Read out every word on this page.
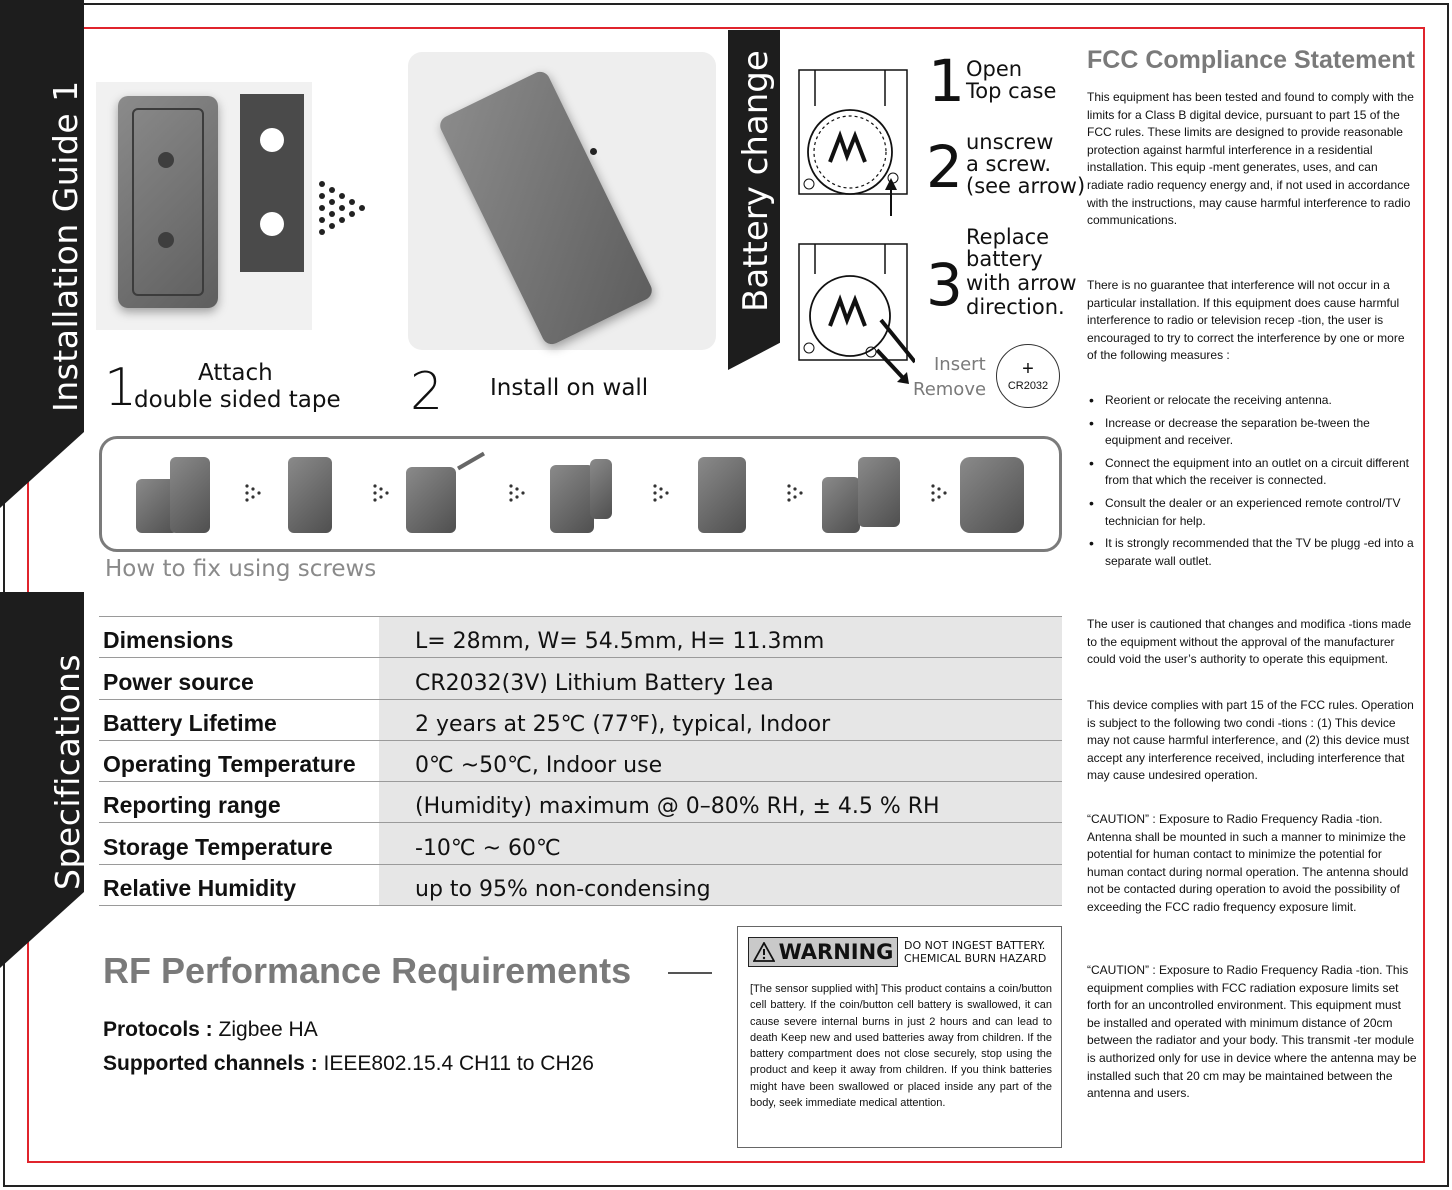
Installation Guide 1
Specifications
1	Attach
double sided tape 2 Install on wall
How to fix using screws
Battery change	1 Open
Top case
2 unscrew
a screw.
(see arrow)
3
Replace
battery
with arrow
direction.
Insert
Remove
+
CR2032
FCC Compliance Statement
This equipment has been tested and found to comply with the limits for a Class B digital device, pursuant to part 15 of the FCC rules. These limits are designed to provide reasonable protection against harmful interference in a residential installation. This equip -ment generates, uses, and can radiate radio requency energy and, if not used in accordance with the instructions, may cause harmful interference to radio communications.
There is no guarantee that interference will not occur in a particular installation. If this equipment does cause harmful interference to radio or television recep -tion, the user is encouraged to try to correct the interference by one or more of the following measures :
• Reorient or relocate the receiving antenna.
• Increase or decrease the separation be-tween the equipment and receiver.
• Connect the equipment into an outlet on a circuit different from that which the receiver is connected.
• Consult the dealer or an experienced remote control/TV technician for help.
• It is strongly recommended that the TV be plugg -ed into a separate wall outlet.
The user is cautioned that changes and modifica -tions made to the equipment without the approval of the manufacturer could void the user’s authority to operate this equipment.
This device complies with part 15 of the FCC rules. Operation is subject to the following two condi -tions : (1) This device may not cause harmful interference, and (2) this device must accept any interference received, including interference that may cause undesired operation.
“CAUTION” : Exposure to Radio Frequency Radia -tion. Antenna shall be mounted in such a manner to minimize the potential for human contact to minimize the potential for human contact during normal operation. The antenna should not be contacted during operation to avoid the possibility of exceeding the FCC radio frequency exposure limit.
“CAUTION” : Exposure to Radio Frequency Radia -tion. This equipment complies with FCC radiation exposure limits set forth for an uncontrolled environment. This equipment must be installed and operated with minimum distance of 20cm between the radiator and your body. This transmit -ter module is authorized only for use in device where the antenna may be installed such that 20 cm may be maintained between the antenna and users.
Dimensions	L= 28mm, W= 54.5mm, H= 11.3mm
Power source	CR2032(3V) Lithium Battery 1ea
Battery Lifetime	2 years at 25℃ (77℉), typical, Indoor
Operating Temperature	0℃ ~50℃, Indoor use
Reporting range	(Humidity) maximum @ 0–80% RH, ± 4.5 % RH
Storage Temperature	-10℃ ~ 60℃
Relative Humidity	up to 95% non-condensing
RF Performance Requirements
Protocols : Zigbee HA
Supported channels : IEEE802.15.4 CH11 to CH26
WARNING DO NOT INGEST BATTERY.
CHEMICAL BURN HAZARD
[The sensor supplied with] This product contains a coin/button cell battery. If the coin/button cell battery is swallowed, it can cause severe internal burns in just 2 hours and can lead to death Keep new and used batteries away from children. If the battery compartment does not close securely, stop using the product and keep it away from children. If you think batteries might have been swallowed or placed inside any part of the body, seek immediate medical attention.
